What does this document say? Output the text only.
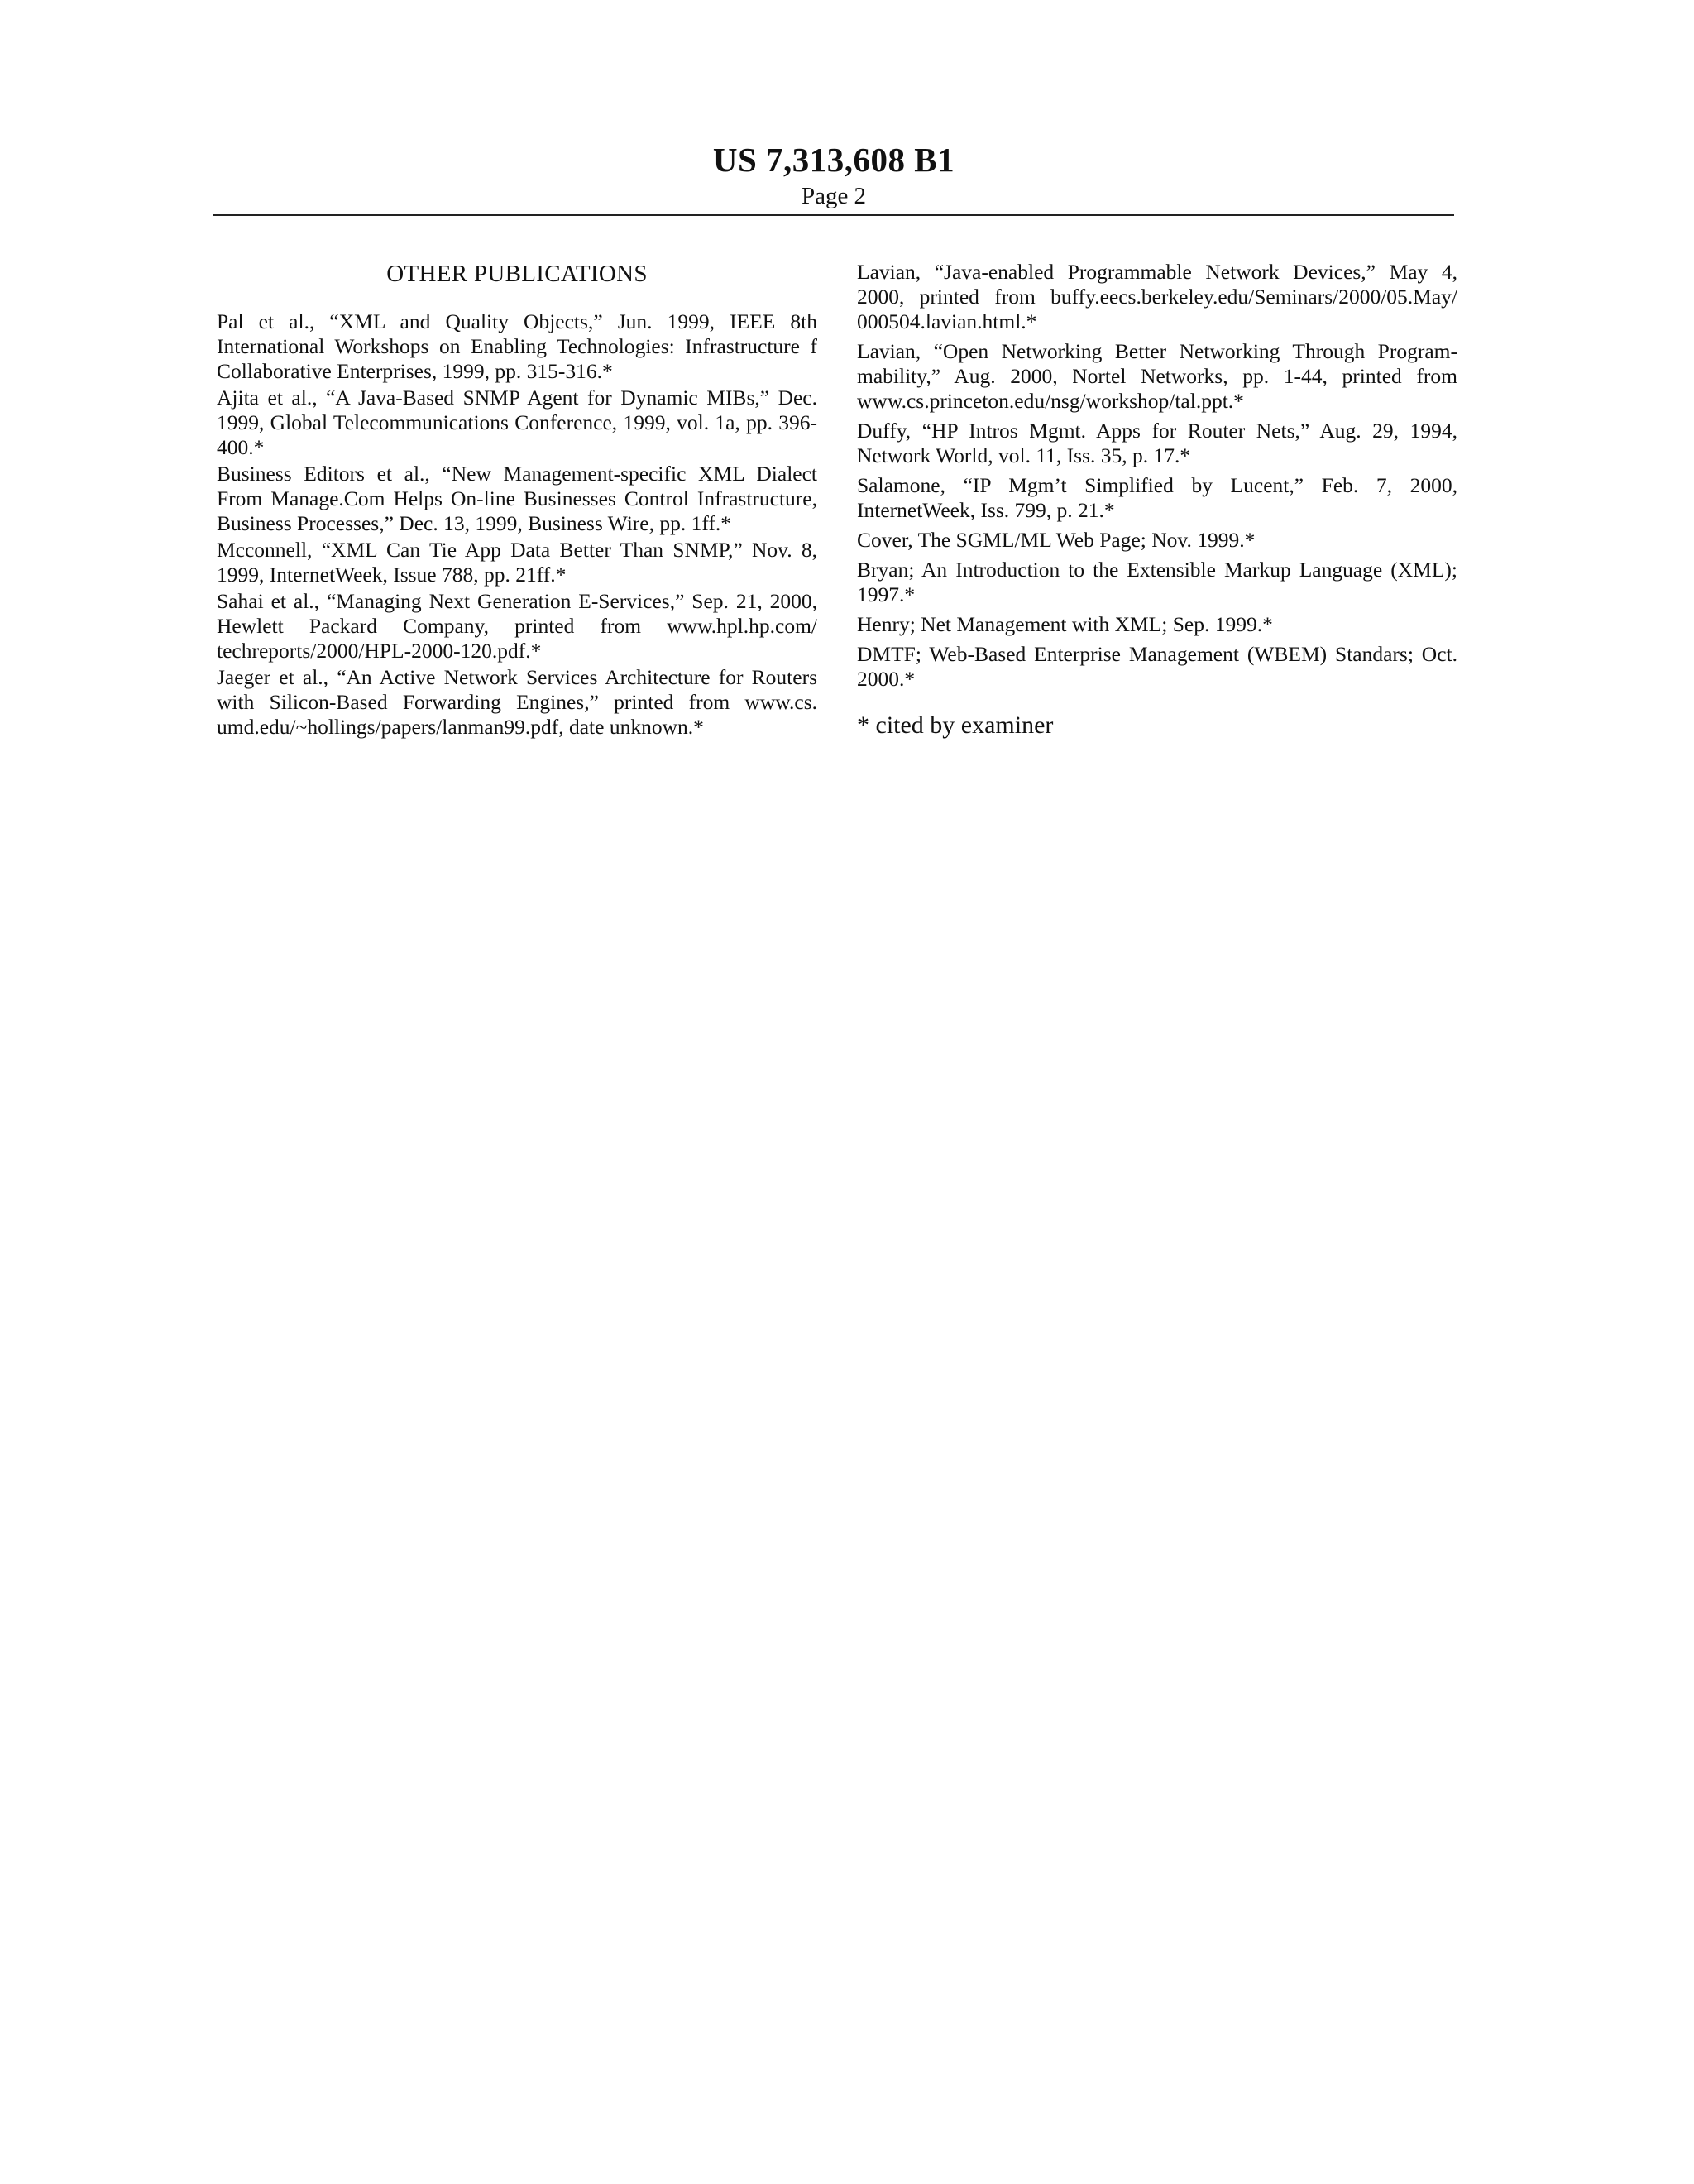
US 7,313,608 B1
Page 2
OTHER PUBLICATIONS

Pal et al., “XML and Quality Objects,” Jun. 1999, IEEE 8th International Workshops on Enabling Technologies: Infrastructure f Collaborative Enterprises, 1999, pp. 315-316.*

Ajita et al., “A Java-Based SNMP Agent for Dynamic MIBs,” Dec. 1999, Global Telecommunications Conference, 1999, vol. 1a, pp. 396-400.*

Business Editors et al., “New Management-specific XML Dialect From Manage.Com Helps On-line Businesses Control Infrastructure, Business Processes,” Dec. 13, 1999, Business Wire, pp. 1ff.*

Mcconnell, “XML Can Tie App Data Better Than SNMP,” Nov. 8, 1999, InternetWeek, Issue 788, pp. 21ff.*

Sahai et al., “Managing Next Generation E-Services,” Sep. 21, 2000, Hewlett Packard Company, printed from www.hpl.hp.com/ techreports/2000/HPL-2000-120.pdf.*

Jaeger et al., “An Active Network Services Architecture for Routers with Silicon-Based Forwarding Engines,” printed from www.cs. umd.edu/~hollings/papers/lanman99.pdf, date unknown.*

Lavian, “Java-enabled Programmable Network Devices,” May 4, 2000, printed from buffy.eecs.berkeley.edu/Seminars/2000/05.May/ 000504.lavian.html.*

Lavian, “Open Networking Better Networking Through Programmability,” Aug. 2000, Nortel Networks, pp. 1-44, printed from www.cs.princeton.edu/nsg/workshop/tal.ppt.*

Duffy, “HP Intros Mgmt. Apps for Router Nets,” Aug. 29, 1994, Network World, vol. 11, Iss. 35, p. 17.*

Salamone, “IP Mgm’t Simplified by Lucent,” Feb. 7, 2000, InternetWeek, Iss. 799, p. 21.*

Cover, The SGML/ML Web Page; Nov. 1999.*

Bryan; An Introduction to the Extensible Markup Language (XML); 1997.*

Henry; Net Management with XML; Sep. 1999.*

DMTF; Web-Based Enterprise Management (WBEM) Standars; Oct. 2000.*

* cited by examiner
